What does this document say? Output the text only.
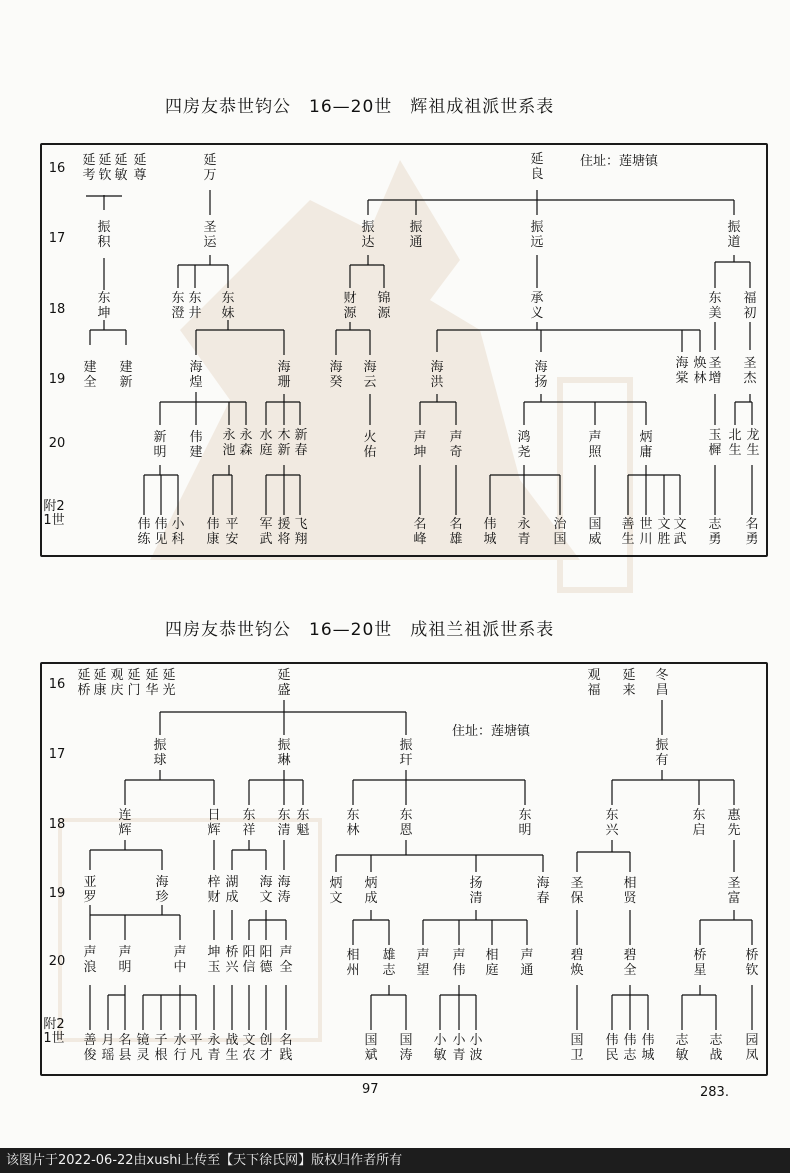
四房友恭世钧公　16—20世　辉祖成祖派世系表
住址：莲塘镇
16
17
18
19
20
附21世
延考
延钦
延敏
延尊
延万
延良
振积
圣运
振达
振通
振远
振道
东坤
东澄
东井
东妹
财源
锦源
承义
东美
福初
建全
建新
海煌
海珊
海癸
海云
海洪
海扬
海棠
焕林
圣增
圣杰
新明
伟建
永池
永森
水庭
木新
新春
火佑
声坤
声奇
鸿尧
声照
炳庸
玉樨
北生
龙生
伟练
伟见
小科
伟康
平安
军武
援将
飞翔
名峰
名雄
伟城
永青
治国
国威
善生
世川
文胜
文武
志勇
名勇
四房友恭世钧公　16—20世　成祖兰祖派世系表
住址：莲塘镇
16
17
18
19
20
附21世
延桥
延康
观庆
延门
延华
延光
延盛
观福
延来
冬昌
振球
振琳
振玕
振有
连辉
日辉
东祥
东清
东魁
东林
东恩
东明
东兴
东启
惠先
亚罗
海珍
梓财
湖成
海文
海涛
炳文
炳成
扬清
海春
圣保
相贤
圣富
声浪
声明
声中
坤玉
桥兴
阳信
阳德
声全
相州
雄志
声望
声伟
相庭
声通
碧焕
碧全
桥星
桥钦
善俊
月瑶
名县
镜灵
子根
水行
平凡
永青
战生
文农
创才
名践
国斌
国涛
小敏
小青
小波
国卫
伟民
伟志
伟城
志敏
志战
园凤
97	283.
该图片于2022-06-22由xushi上传至【天下徐氏网】版权归作者所有
